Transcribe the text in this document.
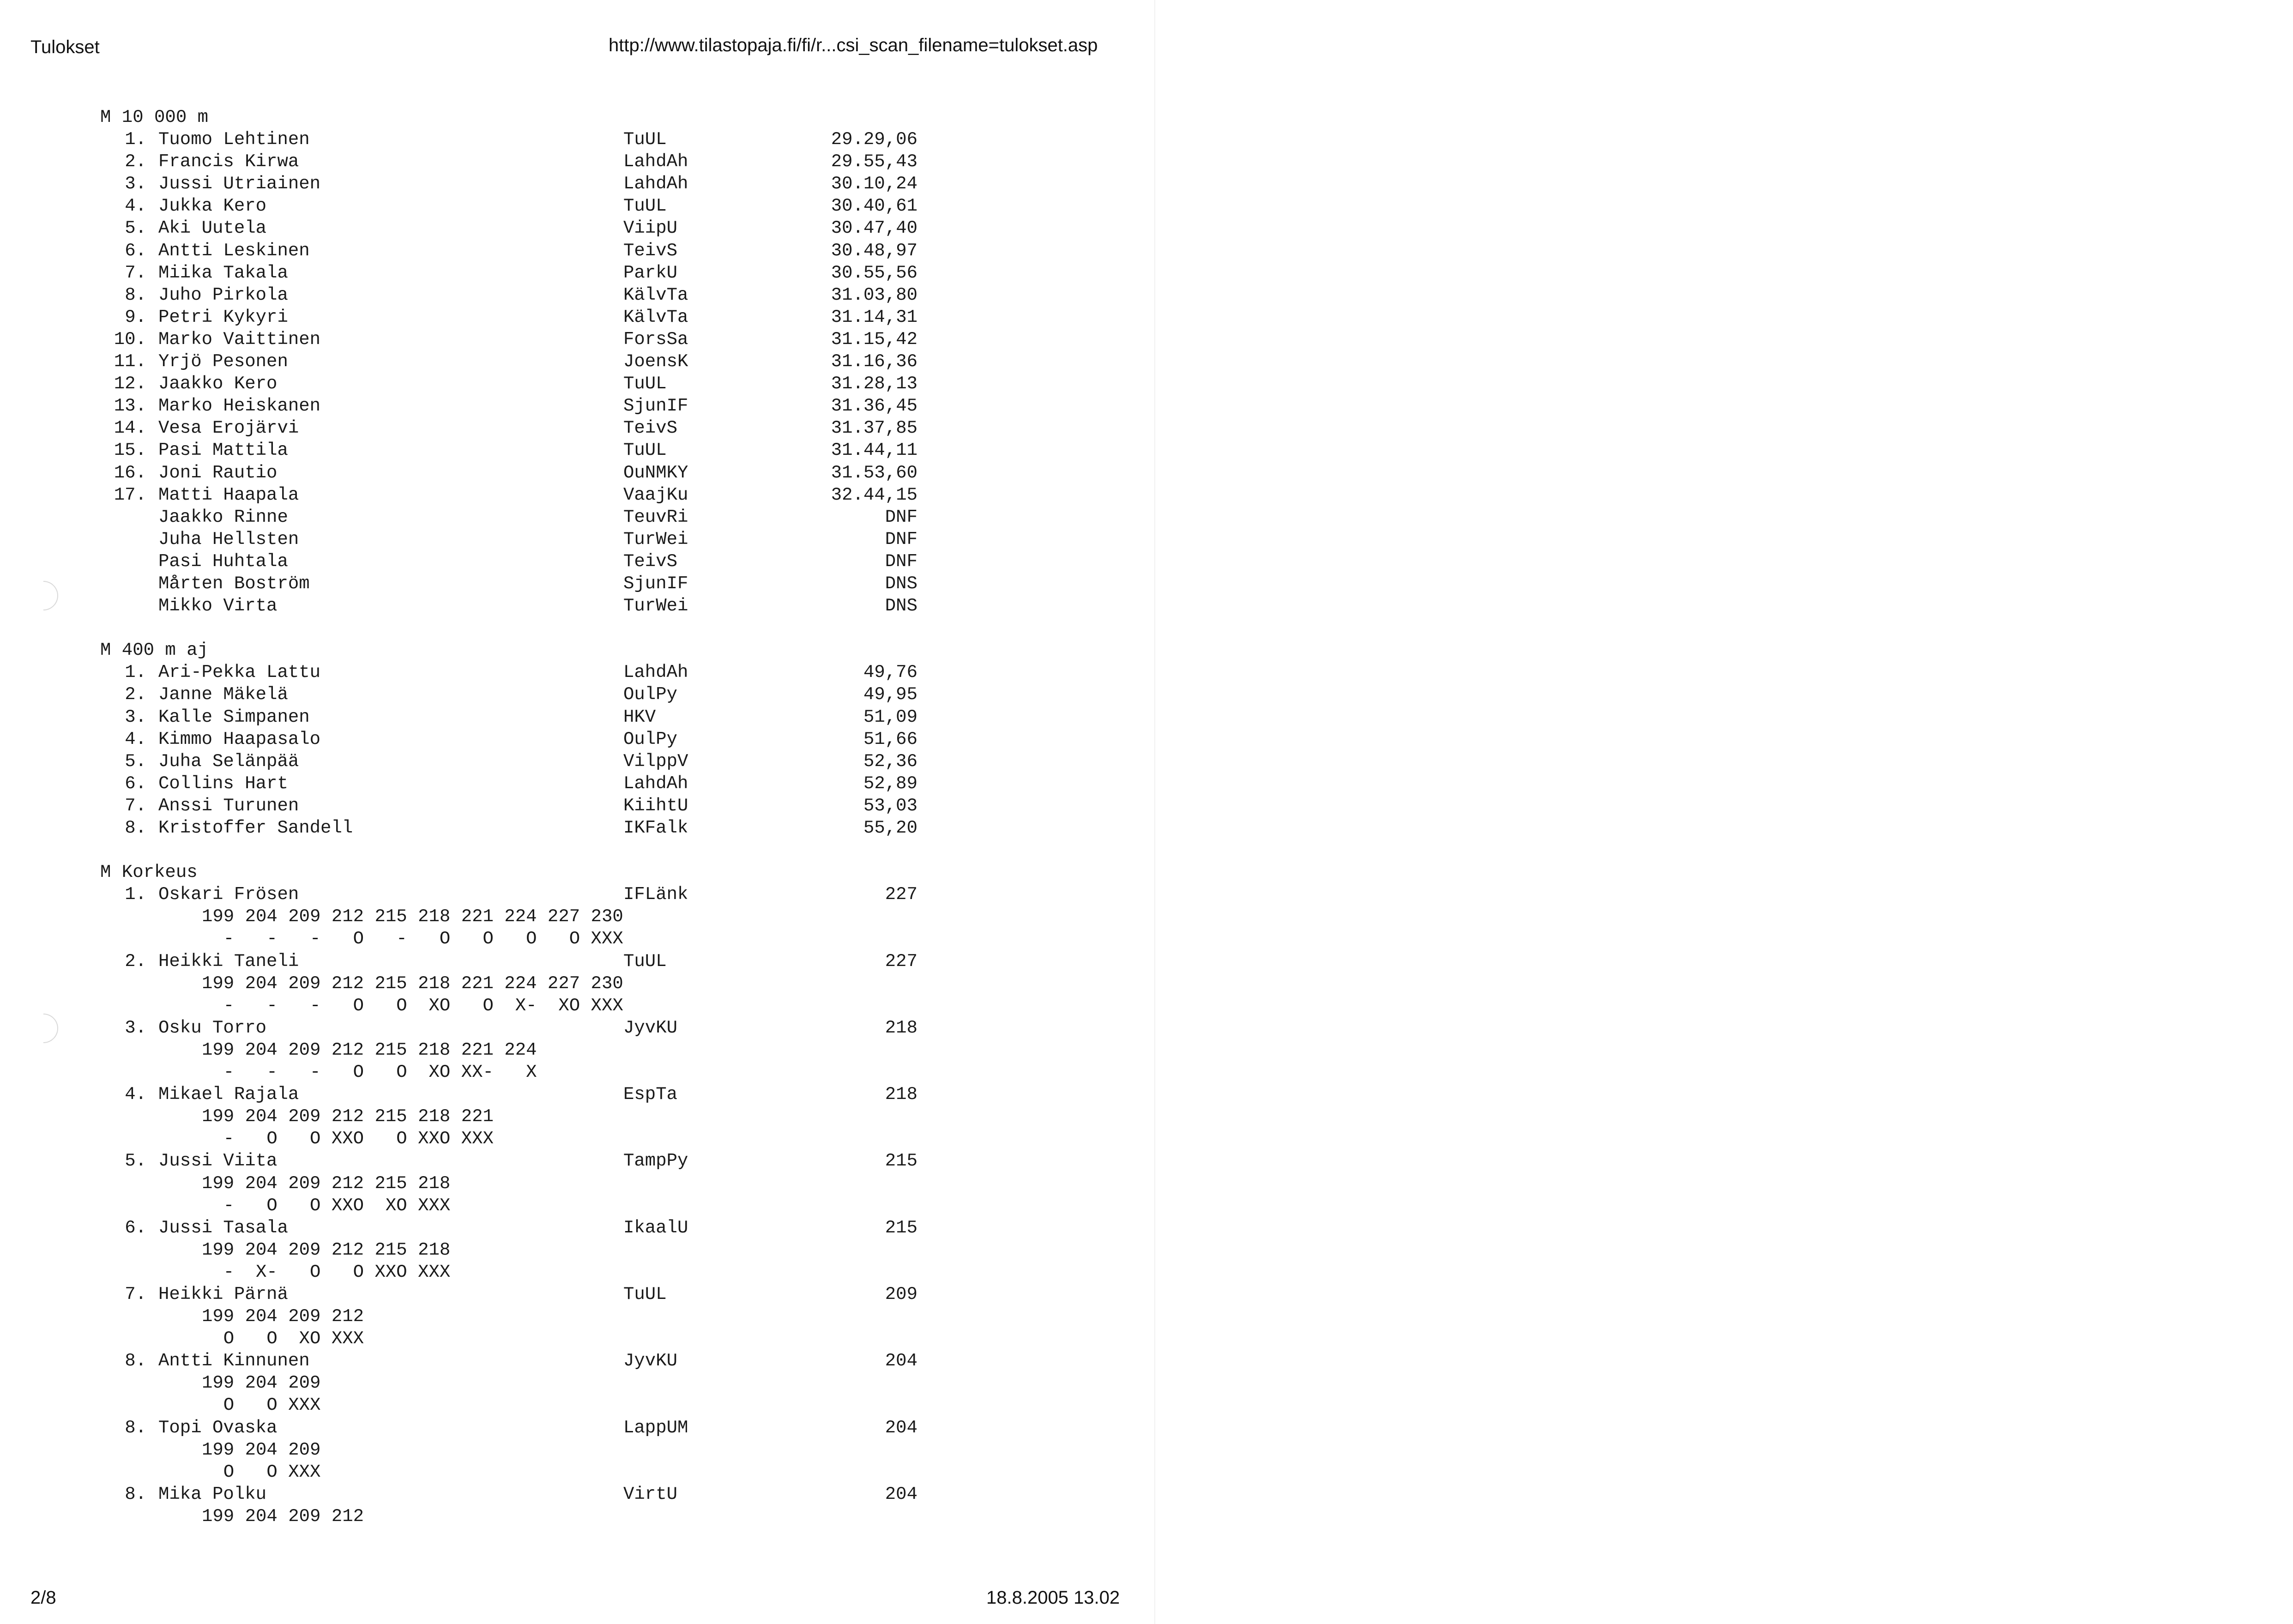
Tulokset	http://www.tilastopaja.fi/fi/r...csi_scan_filename=tulokset.asp
M 10 000 m
1. Tuomo Lehtinen	TuUL	29.29,06
2. Francis Kirwa	LahdAh	29.55,43
3. Jussi Utriainen	LahdAh	30.10,24
4. Jukka Kero	TuUL	30.40,61
5. Aki Uutela	ViipU	30.47,40
6. Antti Leskinen	TeivS	30.48,97
7. Miika Takala	ParkU	30.55,56
8. Juho Pirkola	KälvTa	31.03,80
9. Petri Kykyri	KälvTa	31.14,31
10. Marko Vaittinen	ForsSa	31.15,42
11. Yrjö Pesonen	JoensK	31.16,36
12. Jaakko Kero	TuUL	31.28,13
13. Marko Heiskanen	SjunIF	31.36,45
14. Vesa Erojärvi	TeivS	31.37,85
15. Pasi Mattila	TuUL	31.44,11
16. Joni Rautio	OuNMKY	31.53,60
17. Matti Haapala	VaajKu	32.44,15
Jaakko Rinne	TeuvRi	DNF
Juha Hellsten	TurWei	DNF
Pasi Huhtala	TeivS	DNF
Mårten Boström	SjunIF	DNS
Mikko Virta	TurWei	DNS
M 400 m aj
1. Ari-Pekka Lattu	LahdAh	49,76
2. Janne Mäkelä	OulPy	49,95
3. Kalle Simpanen	HKV	51,09
4. Kimmo Haapasalo	OulPy	51,66
5. Juha Selänpää	VilppV	52,36
6. Collins Hart	LahdAh	52,89
7. Anssi Turunen	KiihtU	53,03
8. Kristoffer Sandell	IKFalk	55,20
M Korkeus
1. Oskari Frösen	IFLänk	227
199 204 209 212 215 218 221 224 227 230
-   -   -   O   -   O   O   O   O XXX
2. Heikki Taneli	TuUL	227
199 204 209 212 215 218 221 224 227 230
-   -   -   O   O  XO   O  X-  XO XXX
3. Osku Torro	JyvKU	218
199 204 209 212 215 218 221 224
-   -   -   O   O  XO XX-   X
4. Mikael Rajala	EspTa	218
199 204 209 212 215 218 221
-   O   O XXO   O XXO XXX
5. Jussi Viita	TampPy	215
199 204 209 212 215 218
-   O   O XXO  XO XXX
6. Jussi Tasala	IkaalU	215
199 204 209 212 215 218
-  X-   O   O XXO XXX
7. Heikki Pärnä	TuUL	209
199 204 209 212
O   O  XO XXX
8. Antti Kinnunen	JyvKU	204
199 204 209
O   O XXX
8. Topi Ovaska	LappUM	204
199 204 209
O   O XXX
8. Mika Polku	VirtU	204
199 204 209 212
2/8	18.8.2005 13.02
